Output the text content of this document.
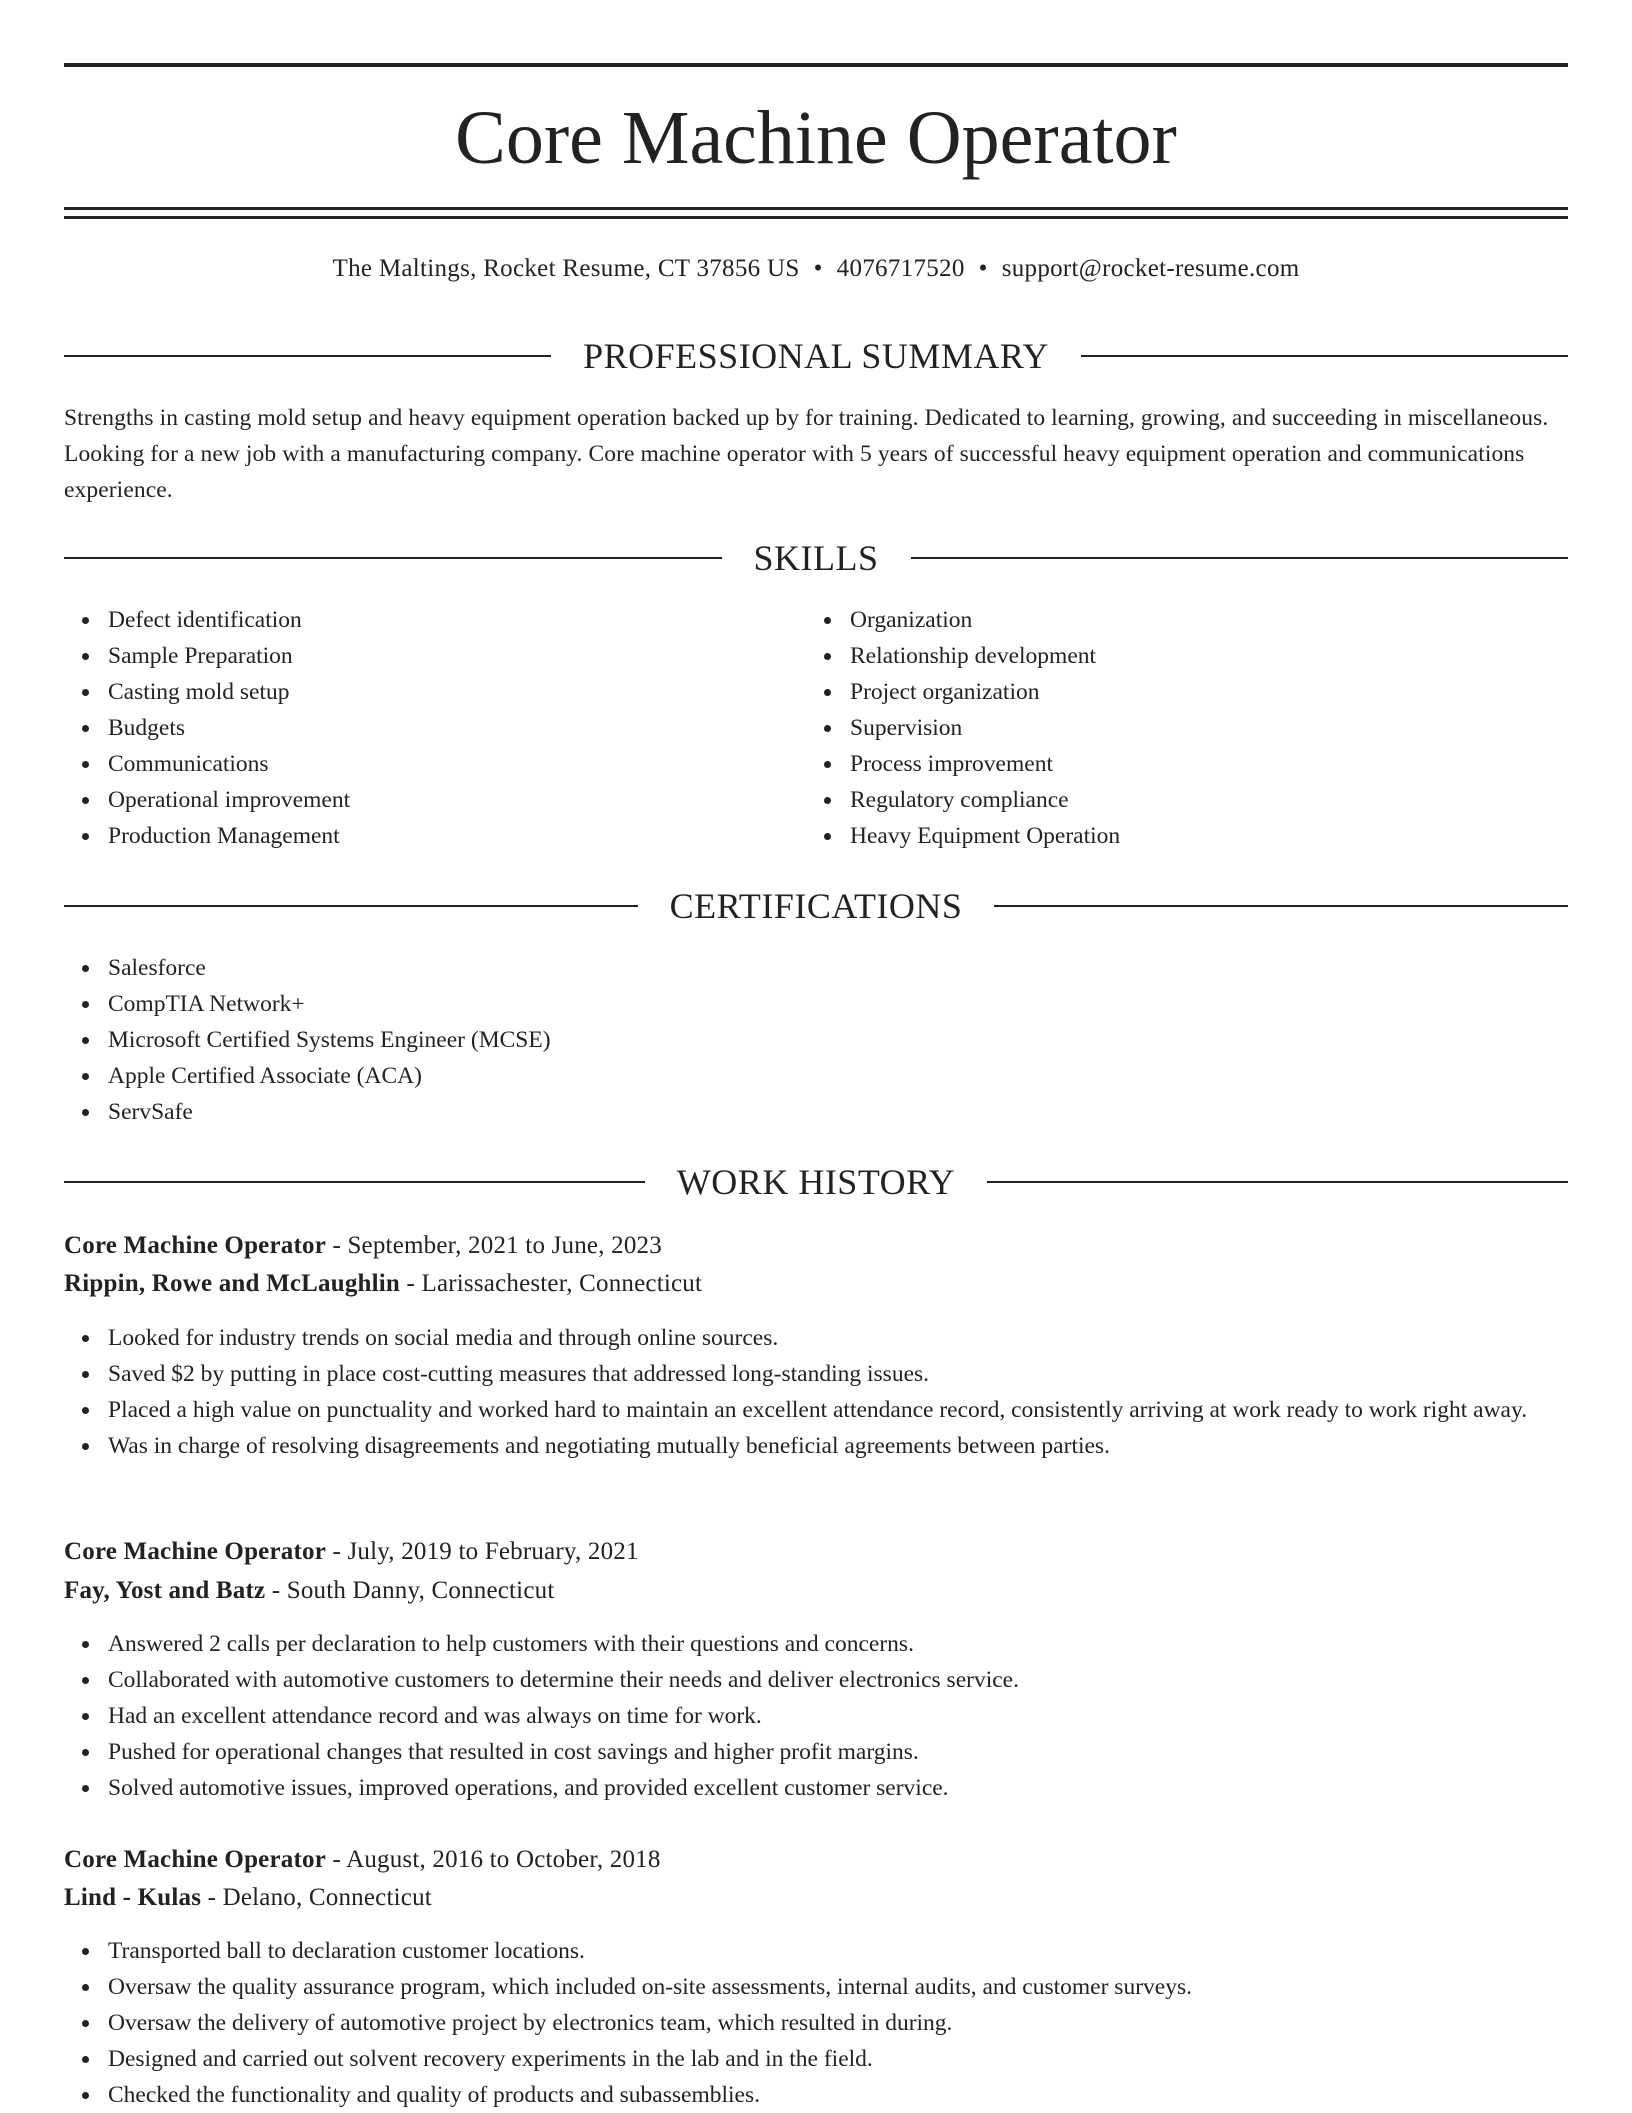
Core Machine Operator
The Maltings, Rocket Resume, CT 37856 US • 4076717520 • support@rocket-resume.com
PROFESSIONAL SUMMARY
Strengths in casting mold setup and heavy equipment operation backed up by for training. Dedicated to learning, growing, and succeeding in miscellaneous. Looking for a new job with a manufacturing company. Core machine operator with 5 years of successful heavy equipment operation and communications experience.
SKILLS
Defect identification
Sample Preparation
Casting mold setup
Budgets
Communications
Operational improvement
Production Management
Organization
Relationship development
Project organization
Supervision
Process improvement
Regulatory compliance
Heavy Equipment Operation
CERTIFICATIONS
Salesforce
CompTIA Network+
Microsoft Certified Systems Engineer (MCSE)
Apple Certified Associate (ACA)
ServSafe
WORK HISTORY
Core Machine Operator - September, 2021 to June, 2023
Rippin, Rowe and McLaughlin - Larissachester, Connecticut
Looked for industry trends on social media and through online sources.
Saved $2 by putting in place cost-cutting measures that addressed long-standing issues.
Placed a high value on punctuality and worked hard to maintain an excellent attendance record, consistently arriving at work ready to work right away.
Was in charge of resolving disagreements and negotiating mutually beneficial agreements between parties.
Core Machine Operator - July, 2019 to February, 2021
Fay, Yost and Batz - South Danny, Connecticut
Answered 2 calls per declaration to help customers with their questions and concerns.
Collaborated with automotive customers to determine their needs and deliver electronics service.
Had an excellent attendance record and was always on time for work.
Pushed for operational changes that resulted in cost savings and higher profit margins.
Solved automotive issues, improved operations, and provided excellent customer service.
Core Machine Operator - August, 2016 to October, 2018
Lind - Kulas - Delano, Connecticut
Transported ball to declaration customer locations.
Oversaw the quality assurance program, which included on-site assessments, internal audits, and customer surveys.
Oversaw the delivery of automotive project by electronics team, which resulted in during.
Designed and carried out solvent recovery experiments in the lab and in the field.
Checked the functionality and quality of products and subassemblies.
